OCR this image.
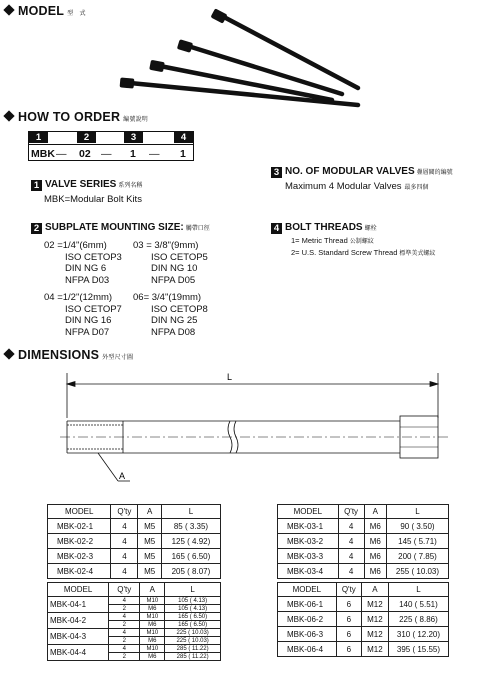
MODEL 型　式
HOW TO ORDER 編號說明
1	2	3	4
MBK — 02 — 1 — 1
1 VALVE SERIES 系列名稱
MBK=Modular Bolt Kits
2 SUBPLATE MOUNTING SIZE: 觸帶口徑
02 =1/4"(6mm)
ISO CETOP3
DIN NG 6
NFPA D03
03 = 3/8"(9mm)
ISO CETOP5
DIN NG 10
NFPA D05
04 =1/2"(12mm)
ISO CETOP7
DIN NG 16
NFPA D07
06= 3/4"(19mm)
ISO CETOP8
DIN NG 25
NFPA D08
3 NO. OF MODULAR VALVES 疊層閥的編號
Maximum 4 Modular Valves 最多四個
4 BOLT THREADS 螺栓
1= Metric Thread 公制螺紋
2= U.S. Standard Screw Thread 標準美式螺紋
DIMENSIONS 外型尺寸圖
L
A
MODEL	Q'ty	A	L
MBK-02-1	4	M5	85 ( 3.35)
MBK-02-2	4	M5	125 ( 4.92)
MBK-02-3	4	M5	165 ( 6.50)
MBK-02-4	4	M5	205 ( 8.07)
MODEL	Q'ty	A	L
MBK-03-1	4	M6	90 ( 3.50)
MBK-03-2	4	M6	145 ( 5.71)
MBK-03-3	4	M6	200 ( 7.85)
MBK-03-4	4	M6	255 ( 10.03)
MODEL	Q'ty	A	L
MBK-04-1	4	M10	105 ( 4.13)
	2	M6	105 ( 4.13)
MBK-04-2	4	M10	165 ( 6.50)
	2	M6	165 ( 6.50)
MBK-04-3	4	M10	225 ( 10.03)
	2	M6	225 ( 10.03)
MBK-04-4	4	M10	285 ( 11.22)
	2	M6	285 ( 11.22)
MODEL	Q'ty	A	L
MBK-06-1	6	M12	140 ( 5.51)
MBK-06-2	6	M12	225 ( 8.86)
MBK-06-3	6	M12	310 ( 12.20)
MBK-06-4	6	M12	395 ( 15.55)
